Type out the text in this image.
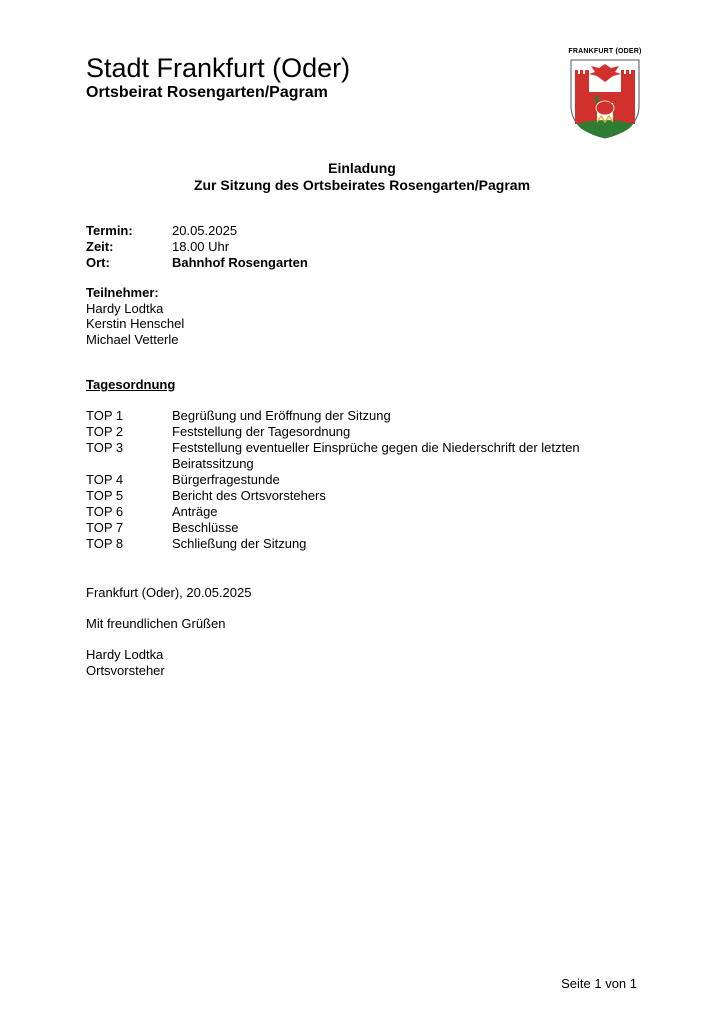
Stadt Frankfurt (Oder)
Ortsbeirat Rosengarten/Pagram
FRANKFURT (ODER)
Einladung
Zur Sitzung des Ortsbeirates Rosengarten/Pagram
Termin:	20.05.2025
Zeit:	18.00 Uhr
Ort:	Bahnhof Rosengarten
Teilnehmer:
Hardy Lodtka
Kerstin Henschel
Michael Vetterle
Tagesordnung
TOP 1	Begrüßung und Eröffnung der Sitzung
TOP 2	Feststellung der Tagesordnung
TOP 3	Feststellung eventueller Einsprüche gegen die Niederschrift der letzten Beiratssitzung
TOP 4	Bürgerfragestunde
TOP 5	Bericht des Ortsvorstehers
TOP 6	Anträge
TOP 7	Beschlüsse
TOP 8	Schließung der Sitzung
Frankfurt (Oder), 20.05.2025
Mit freundlichen Grüßen
Hardy Lodtka
Ortsvorsteher
Seite 1 von 1
